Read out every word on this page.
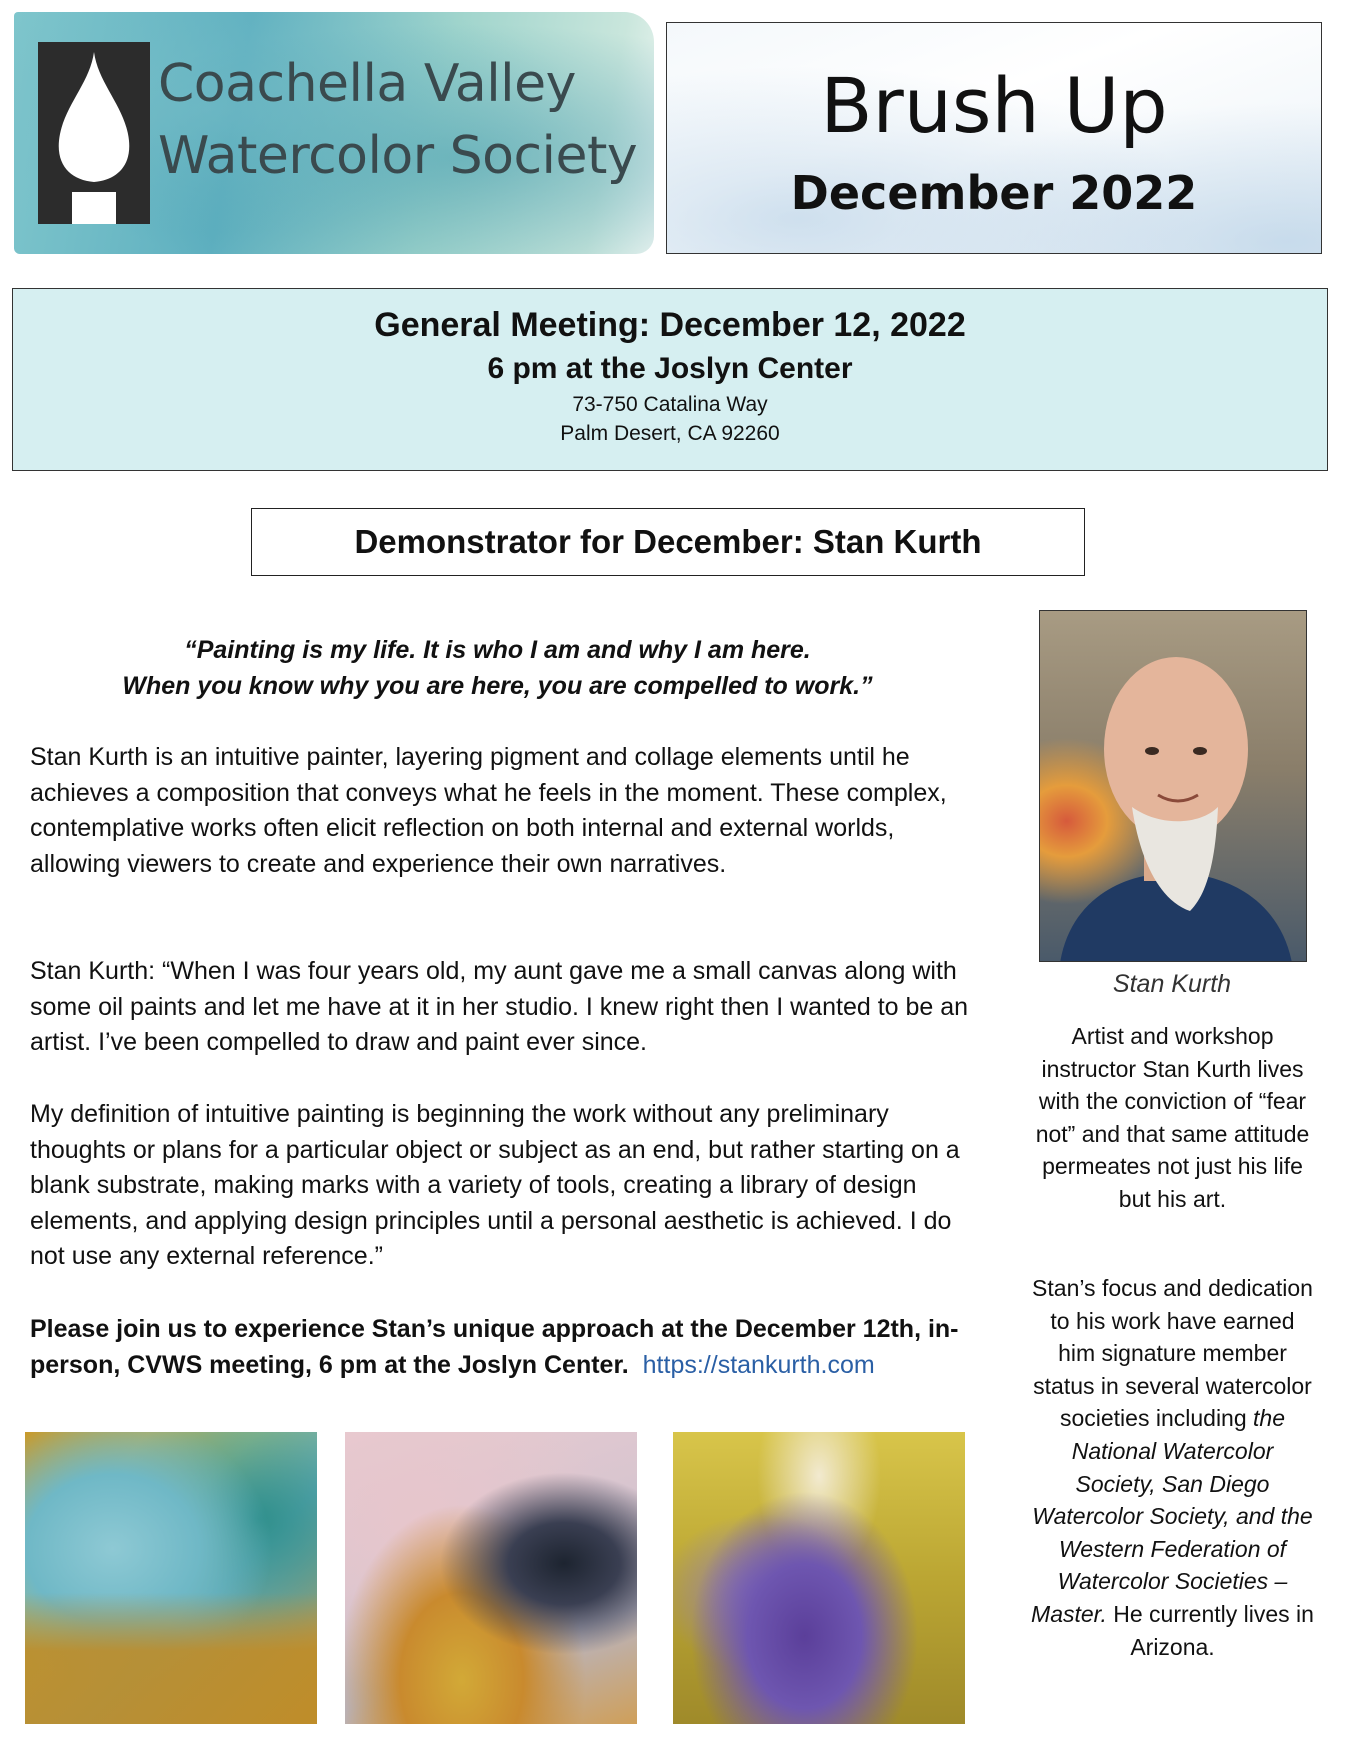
Coachella Valley
Watercolor Society
Brush Up
December 2022
General Meeting: December 12, 2022
6 pm at the Joslyn Center
73-750 Catalina Way
Palm Desert, CA 92260
Demonstrator for December: Stan Kurth
“Painting is my life. It is who I am and why I am here.
When you know why you are here, you are compelled to work.”

Stan Kurth is an intuitive painter, layering pigment and collage elements until he achieves a composition that conveys what he feels in the moment. These complex, contemplative works often elicit reflection on both internal and external worlds, allowing viewers to create and experience their own narratives.

Stan Kurth: “When I was four years old, my aunt gave me a small canvas along with some oil paints and let me have at it in her studio. I knew right then I wanted to be an artist. I’ve been compelled to draw and paint ever since.

My definition of intuitive painting is beginning the work without any preliminary thoughts or plans for a particular object or subject as an end, but rather starting on a blank substrate, making marks with a variety of tools, creating a library of design elements, and applying design principles until a personal aesthetic is achieved. I do not use any external reference.”

Please join us to experience Stan’s unique approach at the December 12th, in- person, CVWS meeting, 6 pm at the Joslyn Center. https://stankurth.com

Stan Kurth

Artist and workshop instructor Stan Kurth lives with the conviction of “fear not” and that same attitude permeates not just his life but his art.

Stan’s focus and dedication to his work have earned him signature member status in several watercolor societies including the National Watercolor Society, San Diego Watercolor Society, and the Western Federation of Watercolor Societies – Master. He currently lives in Arizona.
